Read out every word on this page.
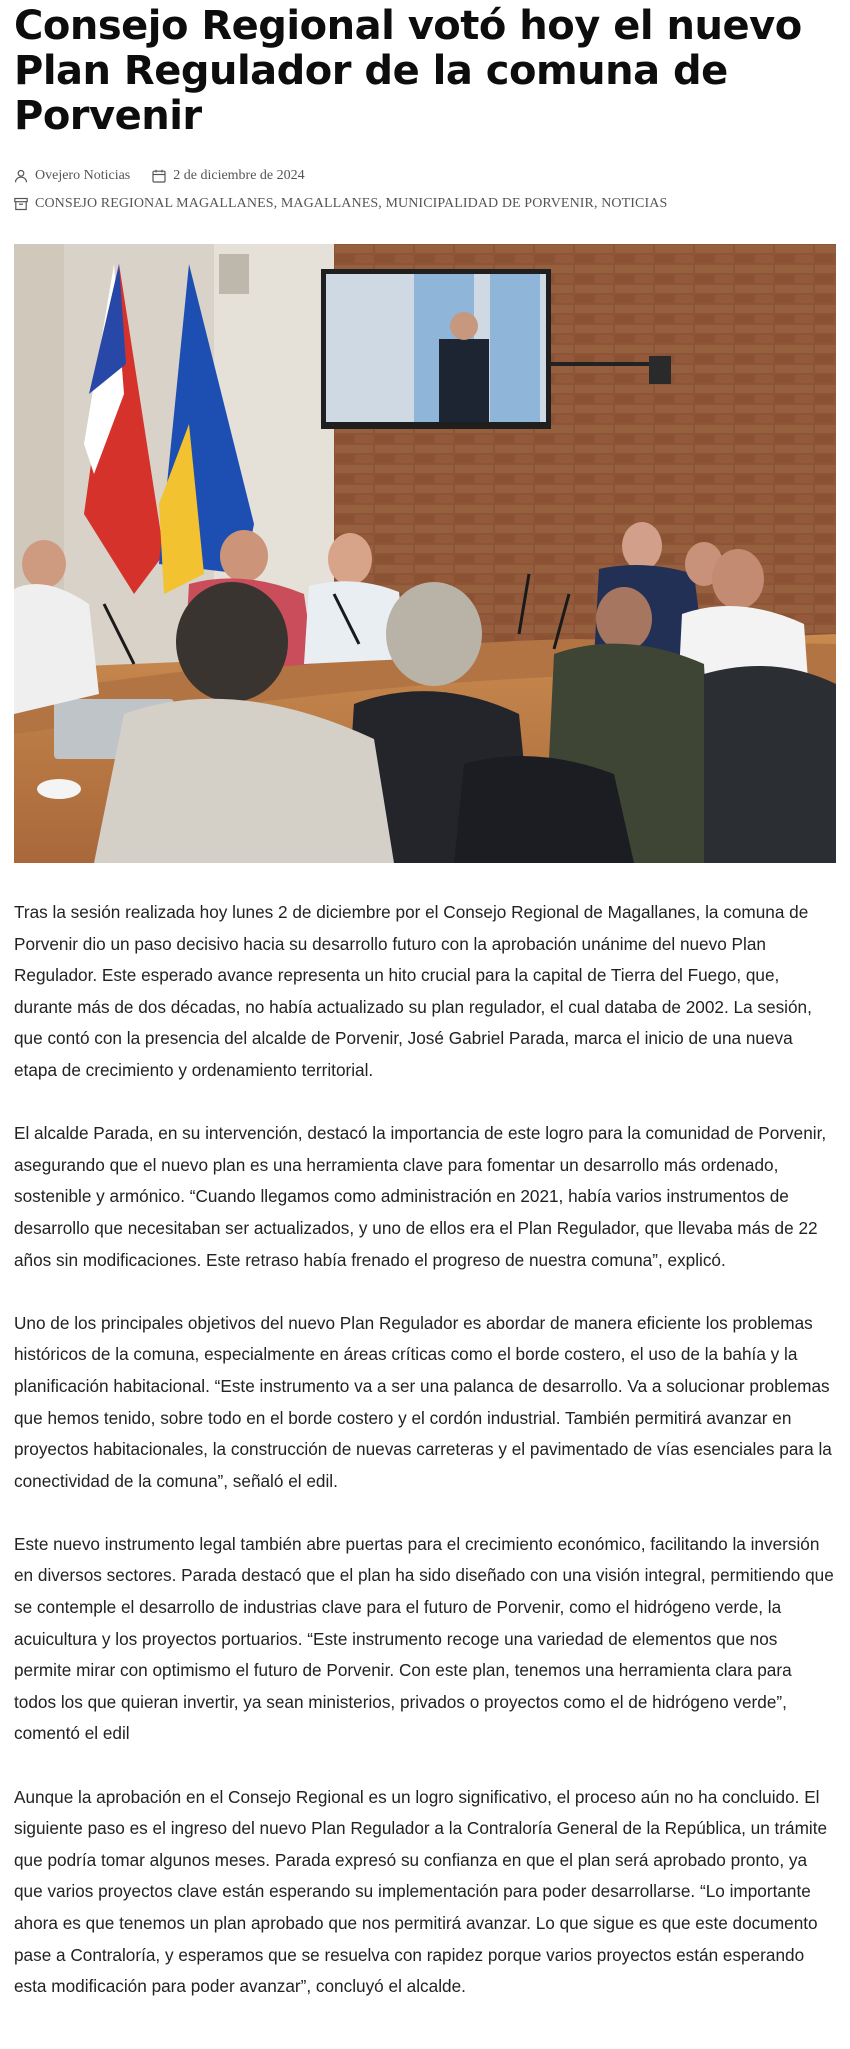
Consejo Regional votó hoy el nuevo Plan Regulador de la comuna de Porvenir
Ovejero Noticias	2 de diciembre de 2024
CONSEJO REGIONAL MAGALLANES, MAGALLANES, MUNICIPALIDAD DE PORVENIR, NOTICIAS

Tras la sesión realizada hoy lunes 2 de diciembre por el Consejo Regional de Magallanes, la comuna de Porvenir dio un paso decisivo hacia su desarrollo futuro con la aprobación unánime del nuevo Plan Regulador. Este esperado avance representa un hito crucial para la capital de Tierra del Fuego, que, durante más de dos décadas, no había actualizado su plan regulador, el cual databa de 2002. La sesión, que contó con la presencia del alcalde de Porvenir, José Gabriel Parada, marca el inicio de una nueva etapa de crecimiento y ordenamiento territorial.

El alcalde Parada, en su intervención, destacó la importancia de este logro para la comunidad de Porvenir, asegurando que el nuevo plan es una herramienta clave para fomentar un desarrollo más ordenado, sostenible y armónico. “Cuando llegamos como administración en 2021, había varios instrumentos de desarrollo que necesitaban ser actualizados, y uno de ellos era el Plan Regulador, que llevaba más de 22 años sin modificaciones. Este retraso había frenado el progreso de nuestra comuna”, explicó.

Uno de los principales objetivos del nuevo Plan Regulador es abordar de manera eficiente los problemas históricos de la comuna, especialmente en áreas críticas como el borde costero, el uso de la bahía y la planificación habitacional. “Este instrumento va a ser una palanca de desarrollo. Va a solucionar problemas que hemos tenido, sobre todo en el borde costero y el cordón industrial. También permitirá avanzar en proyectos habitacionales, la construcción de nuevas carreteras y el pavimentado de vías esenciales para la conectividad de la comuna”, señaló el edil.

Este nuevo instrumento legal también abre puertas para el crecimiento económico, facilitando la inversión en diversos sectores. Parada destacó que el plan ha sido diseñado con una visión integral, permitiendo que se contemple el desarrollo de industrias clave para el futuro de Porvenir, como el hidrógeno verde, la acuicultura y los proyectos portuarios. “Este instrumento recoge una variedad de elementos que nos permite mirar con optimismo el futuro de Porvenir. Con este plan, tenemos una herramienta clara para todos los que quieran invertir, ya sean ministerios, privados o proyectos como el de hidrógeno verde”, comentó el edil

Aunque la aprobación en el Consejo Regional es un logro significativo, el proceso aún no ha concluido. El siguiente paso es el ingreso del nuevo Plan Regulador a la Contraloría General de la República, un trámite que podría tomar algunos meses. Parada expresó su confianza en que el plan será aprobado pronto, ya que varios proyectos clave están esperando su implementación para poder desarrollarse. “Lo importante ahora es que tenemos un plan aprobado que nos permitirá avanzar. Lo que sigue es que este documento pase a Contraloría, y esperamos que se resuelva con rapidez porque varios proyectos están esperando esta modificación para poder avanzar”, concluyó el alcalde.
